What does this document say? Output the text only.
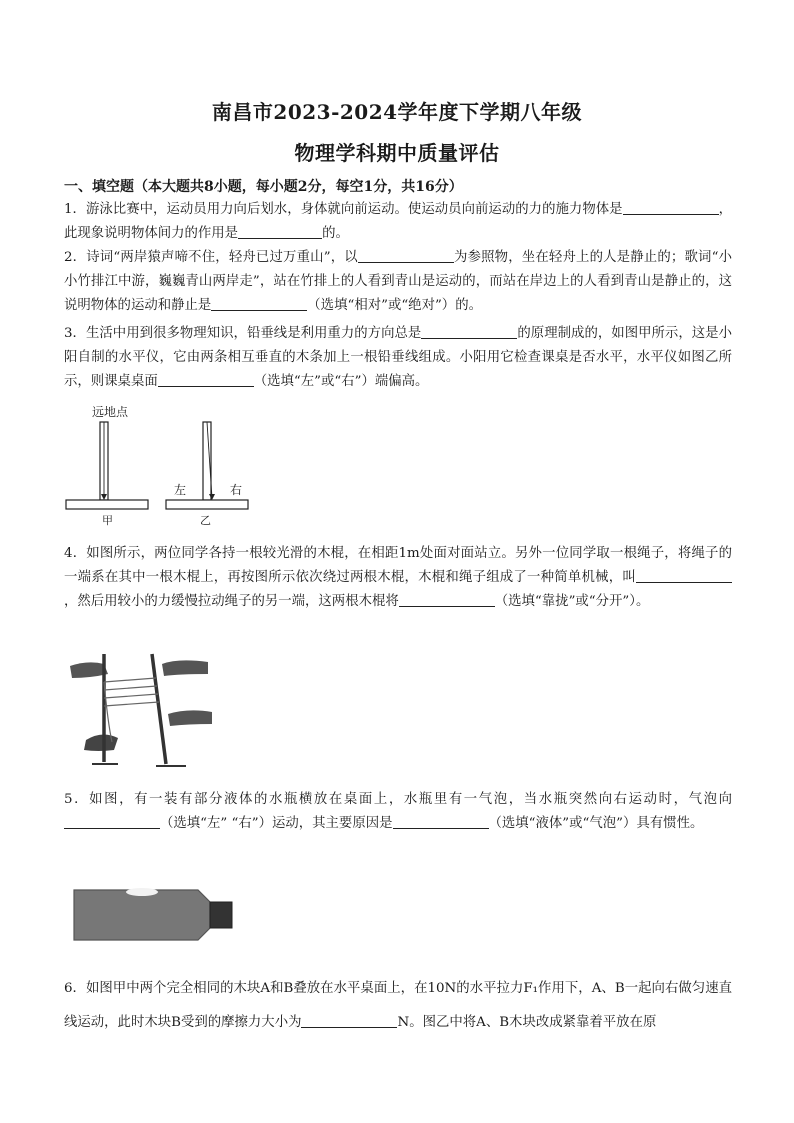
南昌市2023-2024学年度下学期八年级
物理学科期中质量评估
一、填空题（本大题共8小题，每小题2分，每空1分，共16分）
1．游泳比赛中，运动员用力向后划水，身体就向前运动。使运动员向前运动的力的施力物体是	，此现象说明物体间力的作用是	的。
2．诗词“两岸猿声啼不住，轻舟已过万重山”，以	为参照物，坐在轻舟上的人是静止的；歌词“小小竹排江中游，巍巍青山两岸走”，站在竹排上的人看到青山是运动的，而站在岸边上的人看到青山是静止的，这说明物体的运动和静止是	（选填“相对”或“绝对”）的。
3．生活中用到很多物理知识，铅垂线是利用重力的方向总是	的原理制成的，如图甲所示，这是小阳自制的水平仪，它由两条相互垂直的木条加上一根铅垂线组成。小阳用它检查课桌是否水平，水平仪如图乙所示，则课桌桌面	（选填“左”或“右”）端偏高。
远地点
甲
左	右
乙
4．如图所示，两位同学各持一根较光滑的木棍，在相距1m处面对面站立。另外一位同学取一根绳子，将绳子的一端系在其中一根木棍上，再按图所示依次绕过两根木棍，木棍和绳子组成了一种简单机械，叫，然后用较小的力缓慢拉动绳子的另一端，这两根木棍将	（选填“靠拢”或“分开”）。
5．如图，有一装有部分液体的水瓶横放在桌面上，水瓶里有一气泡，当水瓶突然向右运动时，气泡向（选填“左” “右”）运动，其主要原因是	（选填“液体”或“气泡”）具有惯性。
6．如图甲中两个完全相同的木块A和B叠放在水平桌面上，在10N的水平拉力F₁作用下，A、B一起向右做匀速直线运动，此时木块B受到的摩擦力大小为	N。图乙中将A、B木块改成紧靠着平放在原
